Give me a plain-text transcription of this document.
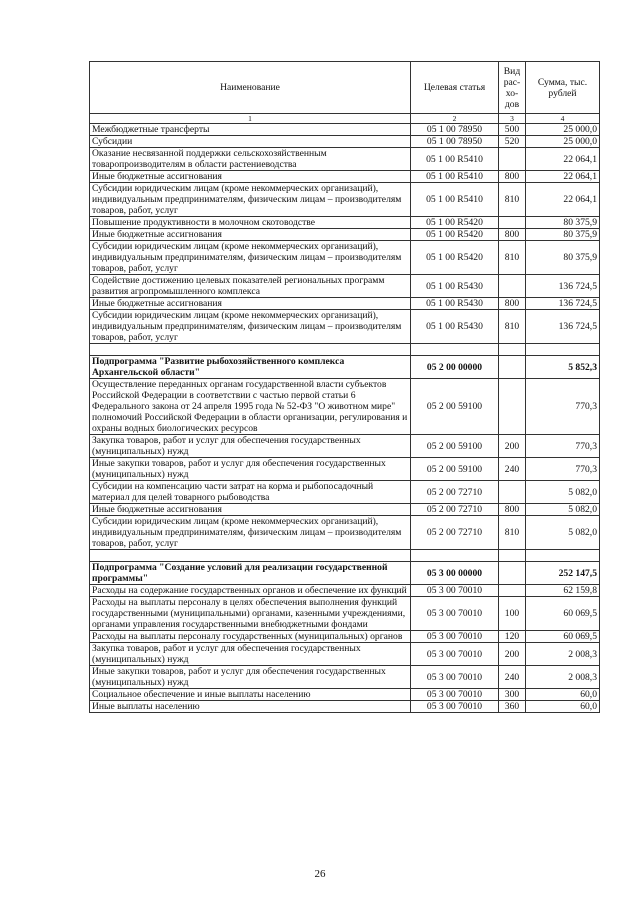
Наименование	Целевая статья	Вид рас-хо-дов	Сумма, тыс. рублей
1	2	3	4
Межбюджетные трансферты	05 1 00 78950	500	25 000,0
Субсидии	05 1 00 78950	520	25 000,0
Оказание несвязанной поддержки сельскохозяйственным товаропроизводителям в области растениеводства	05 1 00 R5410		22 064,1
Иные бюджетные ассигнования	05 1 00 R5410	800	22 064,1
Субсидии юридическим лицам (кроме некоммерческих организаций), индивидуальным предпринимателям, физическим лицам – производителям товаров, работ, услуг	05 1 00 R5410	810	22 064,1
Повышение продуктивности в молочном скотоводстве	05 1 00 R5420		80 375,9
Иные бюджетные ассигнования	05 1 00 R5420	800	80 375,9
Субсидии юридическим лицам (кроме некоммерческих организаций), индивидуальным предпринимателям, физическим лицам – производителям товаров, работ, услуг	05 1 00 R5420	810	80 375,9
Содействие достижению целевых показателей региональных программ развития агропромышленного комплекса	05 1 00 R5430		136 724,5
Иные бюджетные ассигнования	05 1 00 R5430	800	136 724,5
Субсидии юридическим лицам (кроме некоммерческих организаций), индивидуальным предпринимателям, физическим лицам – производителям товаров, работ, услуг	05 1 00 R5430	810	136 724,5

Подпрограмма "Развитие рыбохозяйственного комплекса Архангельской области"	05 2 00 00000		5 852,3
Осуществление переданных органам государственной власти субъектов Российской Федерации в соответствии с частью первой статьи 6 Федерального закона от 24 апреля 1995 года № 52-ФЗ "О животном мире" полномочий Российской Федерации в области организации, регулирования и охраны водных биологических ресурсов	05 2 00 59100		770,3
Закупка товаров, работ и услуг для обеспечения государственных (муниципальных) нужд	05 2 00 59100	200	770,3
Иные закупки товаров, работ и услуг для обеспечения государственных (муниципальных) нужд	05 2 00 59100	240	770,3
Субсидии на компенсацию части затрат на корма и рыбопосадочный материал для целей товарного рыбоводства	05 2 00 72710		5 082,0
Иные бюджетные ассигнования	05 2 00 72710	800	5 082,0
Субсидии юридическим лицам (кроме некоммерческих организаций), индивидуальным предпринимателям, физическим лицам – производителям товаров, работ, услуг	05 2 00 72710	810	5 082,0

Подпрограмма "Создание условий для реализации государственной программы"	05 3 00 00000		252 147,5
Расходы на содержание государственных органов и обеспечение их функций	05 3 00 70010		62 159,8
Расходы на выплаты персоналу в целях обеспечения выполнения функций государственными (муниципальными) органами, казенными учреждениями, органами управления государственными внебюджетными фондами	05 3 00 70010	100	60 069,5
Расходы на выплаты персоналу государственных (муниципальных) органов	05 3 00 70010	120	60 069,5
Закупка товаров, работ и услуг для обеспечения государственных (муниципальных) нужд	05 3 00 70010	200	2 008,3
Иные закупки товаров, работ и услуг для обеспечения государственных (муниципальных) нужд	05 3 00 70010	240	2 008,3
Социальное обеспечение и иные выплаты населению	05 3 00 70010	300	60,0
Иные выплаты населению	05 3 00 70010	360	60,0
26
